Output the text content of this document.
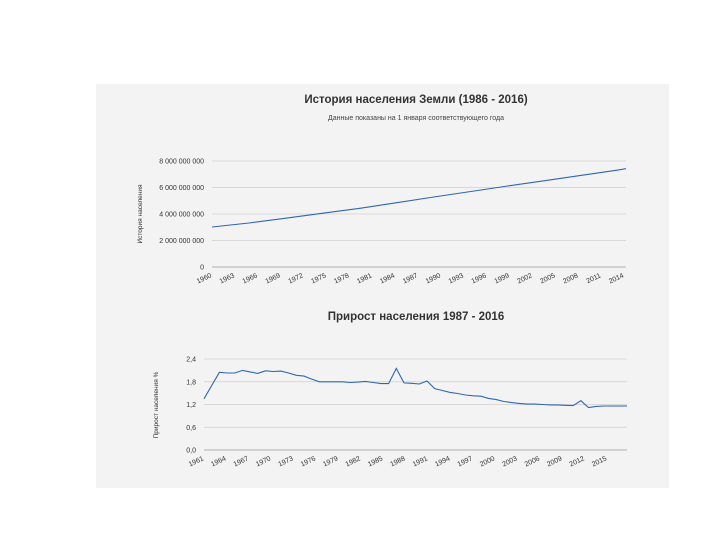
История населения Земли (1986 - 2016)
Данные показаны на 1 января соответствующего года
История населения
Прирост населения 1987 - 2016
Прирост населения %
0
2 000 000 000
4 000 000 000
6 000 000 000
8 000 000 000
1960 1963 1966 1969 1972 1975 1978 1981 1984 1987 1990 1993 1996 1999 2002 2005 2008 2011 2014
0,0
0,6
1,2
1,8
2,4
1961 1964 1967 1970 1973 1976 1979 1982 1985 1988 1991 1994 1997 2000 2003 2006 2009 2012 2015
